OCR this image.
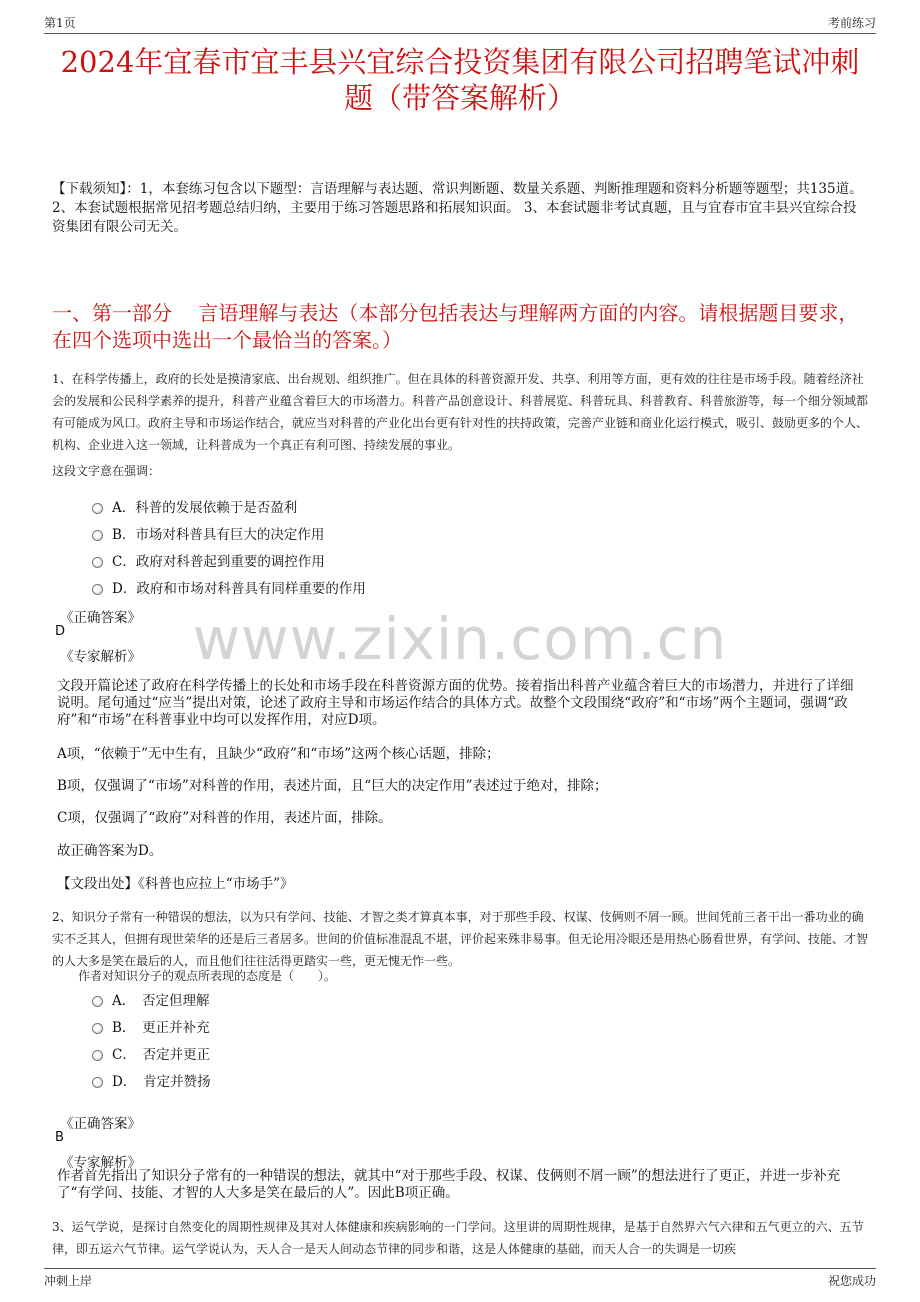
第1页	考前练习
2024年宜春市宜丰县兴宜综合投资集团有限公司招聘笔试冲刺题（带答案解析）
【下载须知】：1，本套练习包含以下题型：言语理解与表达题、常识判断题、数量关系题、判断推理题和资料分析题等题型；共135道。 2、本套试题根据常见招考题总结归纳，主要用于练习答题思路和拓展知识面。 3、本套试题非考试真题，且与宜春市宜丰县兴宜综合投资集团有限公司无关。
一、第一部分　 言语理解与表达（本部分包括表达与理解两方面的内容。请根据题目要求，在四个选项中选出一个最恰当的答案。）
www.zixin.com.cn
1、在科学传播上，政府的长处是摸清家底、出台规划、组织推广。但在具体的科普资源开发、共享、利用等方面，更有效的往往是市场手段。随着经济社会的发展和公民科学素养的提升，科普产业蕴含着巨大的市场潜力。科普产品创意设计、科普展览、科普玩具、科普教育、科普旅游等，每一个细分领域都有可能成为风口。政府主导和市场运作结合，就应当对科普的产业化出台更有针对性的扶持政策，完善产业链和商业化运行模式，吸引、鼓励更多的个人、机构、企业进入这一领域，让科普成为一个真正有利可图、持续发展的事业。
这段文字意在强调：
A．科普的发展依赖于是否盈利
B．市场对科普具有巨大的决定作用
C．政府对科普起到重要的调控作用
D．政府和市场对科普具有同样重要的作用
《正确答案》
D
《专家解析》
文段开篇论述了政府在科学传播上的长处和市场手段在科普资源方面的优势。接着指出科普产业蕴含着巨大的市场潜力，并进行了详细说明。尾句通过“应当”提出对策，论述了政府主导和市场运作结合的具体方式。故整个文段围绕“政府”和“市场”两个主题词，强调“政府”和“市场”在科普事业中均可以发挥作用，对应D项。
A项，“依赖于”无中生有，且缺少“政府”和“市场”这两个核心话题，排除；
B项，仅强调了“市场”对科普的作用，表述片面，且“巨大的决定作用”表述过于绝对，排除；
C项，仅强调了“政府”对科普的作用，表述片面，排除。
故正确答案为D。
【文段出处】《科普也应拉上“市场手”》
2、知识分子常有一种错误的想法，以为只有学问、技能、才智之类才算真本事，对于那些手段、权谋、伎俩则不屑一顾。世间凭前三者干出一番功业的确实不乏其人，但拥有现世荣华的还是后三者居多。世间的价值标准混乱不堪，评价起来殊非易事。但无论用冷眼还是用热心肠看世界，有学问、技能、才智的人大多是笑在最后的人，而且他们往往活得更踏实一些，更无愧无怍一些。
作者对知识分子的观点所表现的态度是（　　）。
A．　否定但理解
B．　更正并补充
C．　否定并更正
D．　肯定并赞扬
《正确答案》
B
《专家解析》
作者首先指出了知识分子常有的一种错误的想法，就其中“对于那些手段、权谋、伎俩则不屑一顾”的想法进行了更正，并进一步补充了“有学问、技能、才智的人大多是笑在最后的人”。因此B项正确。
3、运气学说，是探讨自然变化的周期性规律及其对人体健康和疾病影响的一门学问。这里讲的周期性规律，是基于自然界六气六律和五气更立的六、五节律，即五运六气节律。运气学说认为，天人合一是天人间动态节律的同步和谐，这是人体健康的基础，而天人合一的失调是一切疾
冲刺上岸	祝您成功
